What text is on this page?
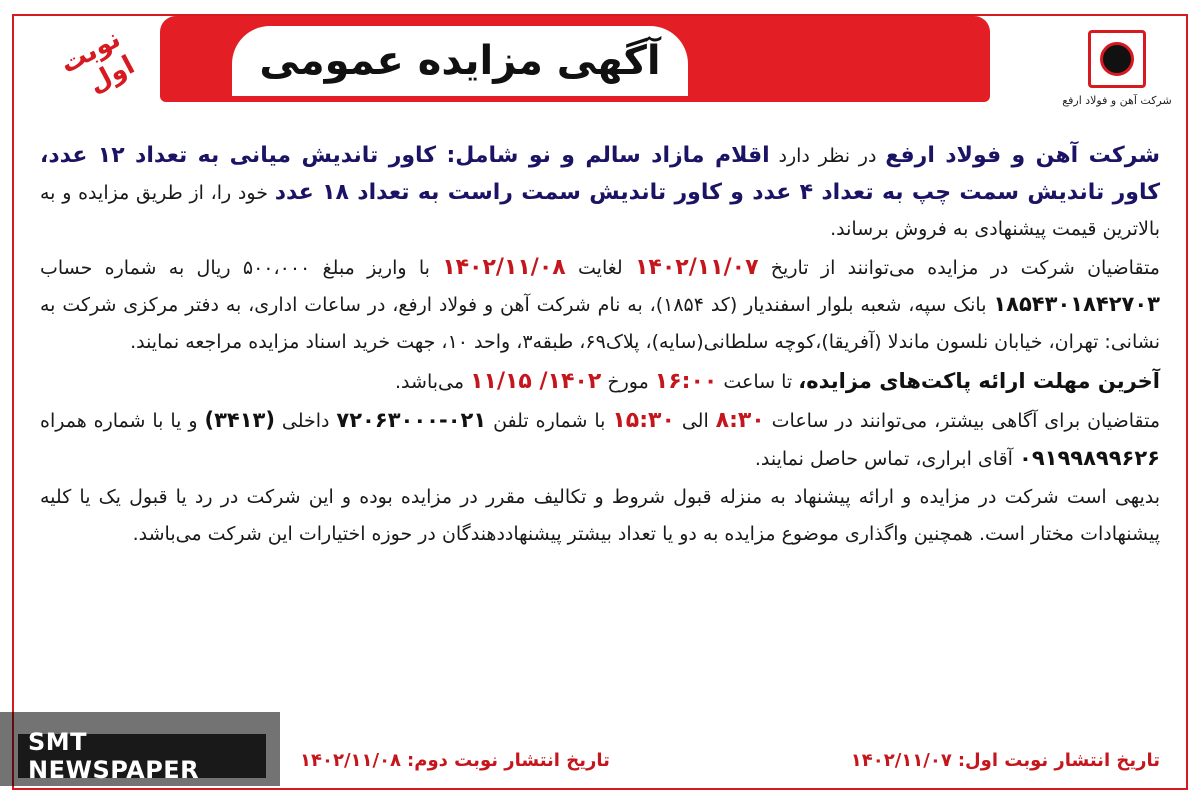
آگهی مزایده عمومی
نوبت اول
شرکت آهن و فولاد ارفع

شرکت آهن و فولاد ارفع در نظر دارد اقلام مازاد سالم و نو شامل: کاور تاندیش میانی به تعداد ۱۲ عدد، کاور تاندیش سمت چپ به تعداد ۴ عدد و کاور تاندیش سمت راست به تعداد ۱۸ عدد خود را، از طریق مزایده و به بالاترین قیمت پیشنهادی به فروش برساند.

متقاضیان شرکت در مزایده می‌توانند از تاریخ ۱۴۰۲/۱۱/۰۷ لغایت ۱۴۰۲/۱۱/۰۸ با واریز مبلغ ۵۰۰،۰۰۰ ریال به شماره حساب ۱۸۵۴۳۰۱۸۴۲۷۰۳ بانک سپه، شعبه بلوار اسفندیار (کد ۱۸۵۴)، به نام شرکت آهن و فولاد ارفع، در ساعات اداری، به دفتر مرکزی شرکت به نشانی: تهران، خیابان نلسون ماندلا (آفریقا)،کوچه سلطانی(سایه)، پلاک۶۹، طبقه۳، واحد ۱۰، جهت خرید اسناد مزایده مراجعه نمایند.

آخرین مهلت ارائه پاکت‌های مزایده، تا ساعت ۱۶:۰۰ مورخ ۱۴۰۲/ ۱۱/۱۵ می‌باشد.

متقاضیان برای آگاهی بیشتر، می‌توانند در ساعات ۸:۳۰ الی ۱۵:۳۰ با شماره تلفن ۰۲۱-۷۲۰۶۳۰۰۰ داخلی (۳۴۱۳) و یا با شماره همراه ۰۹۱۹۹۸۹۹۶۲۶ آقای ابراری، تماس حاصل نمایند.

بدیهی است شرکت در مزایده و ارائه پیشنهاد به منزله قبول شروط و تکالیف مقرر در مزایده بوده و این شرکت در رد یا قبول یک یا کلیه پیشنهادات مختار است. همچنین واگذاری موضوع مزایده به دو یا تعداد بیشتر پیشنهاددهندگان در حوزه اختیارات این شرکت می‌باشد.

تاریخ انتشار نوبت اول:
۱۴۰۲/۱۱/۰۷
تاریخ انتشار نوبت دوم:
۱۴۰۲/۱۱/۰۸
SMT NEWSPAPER
